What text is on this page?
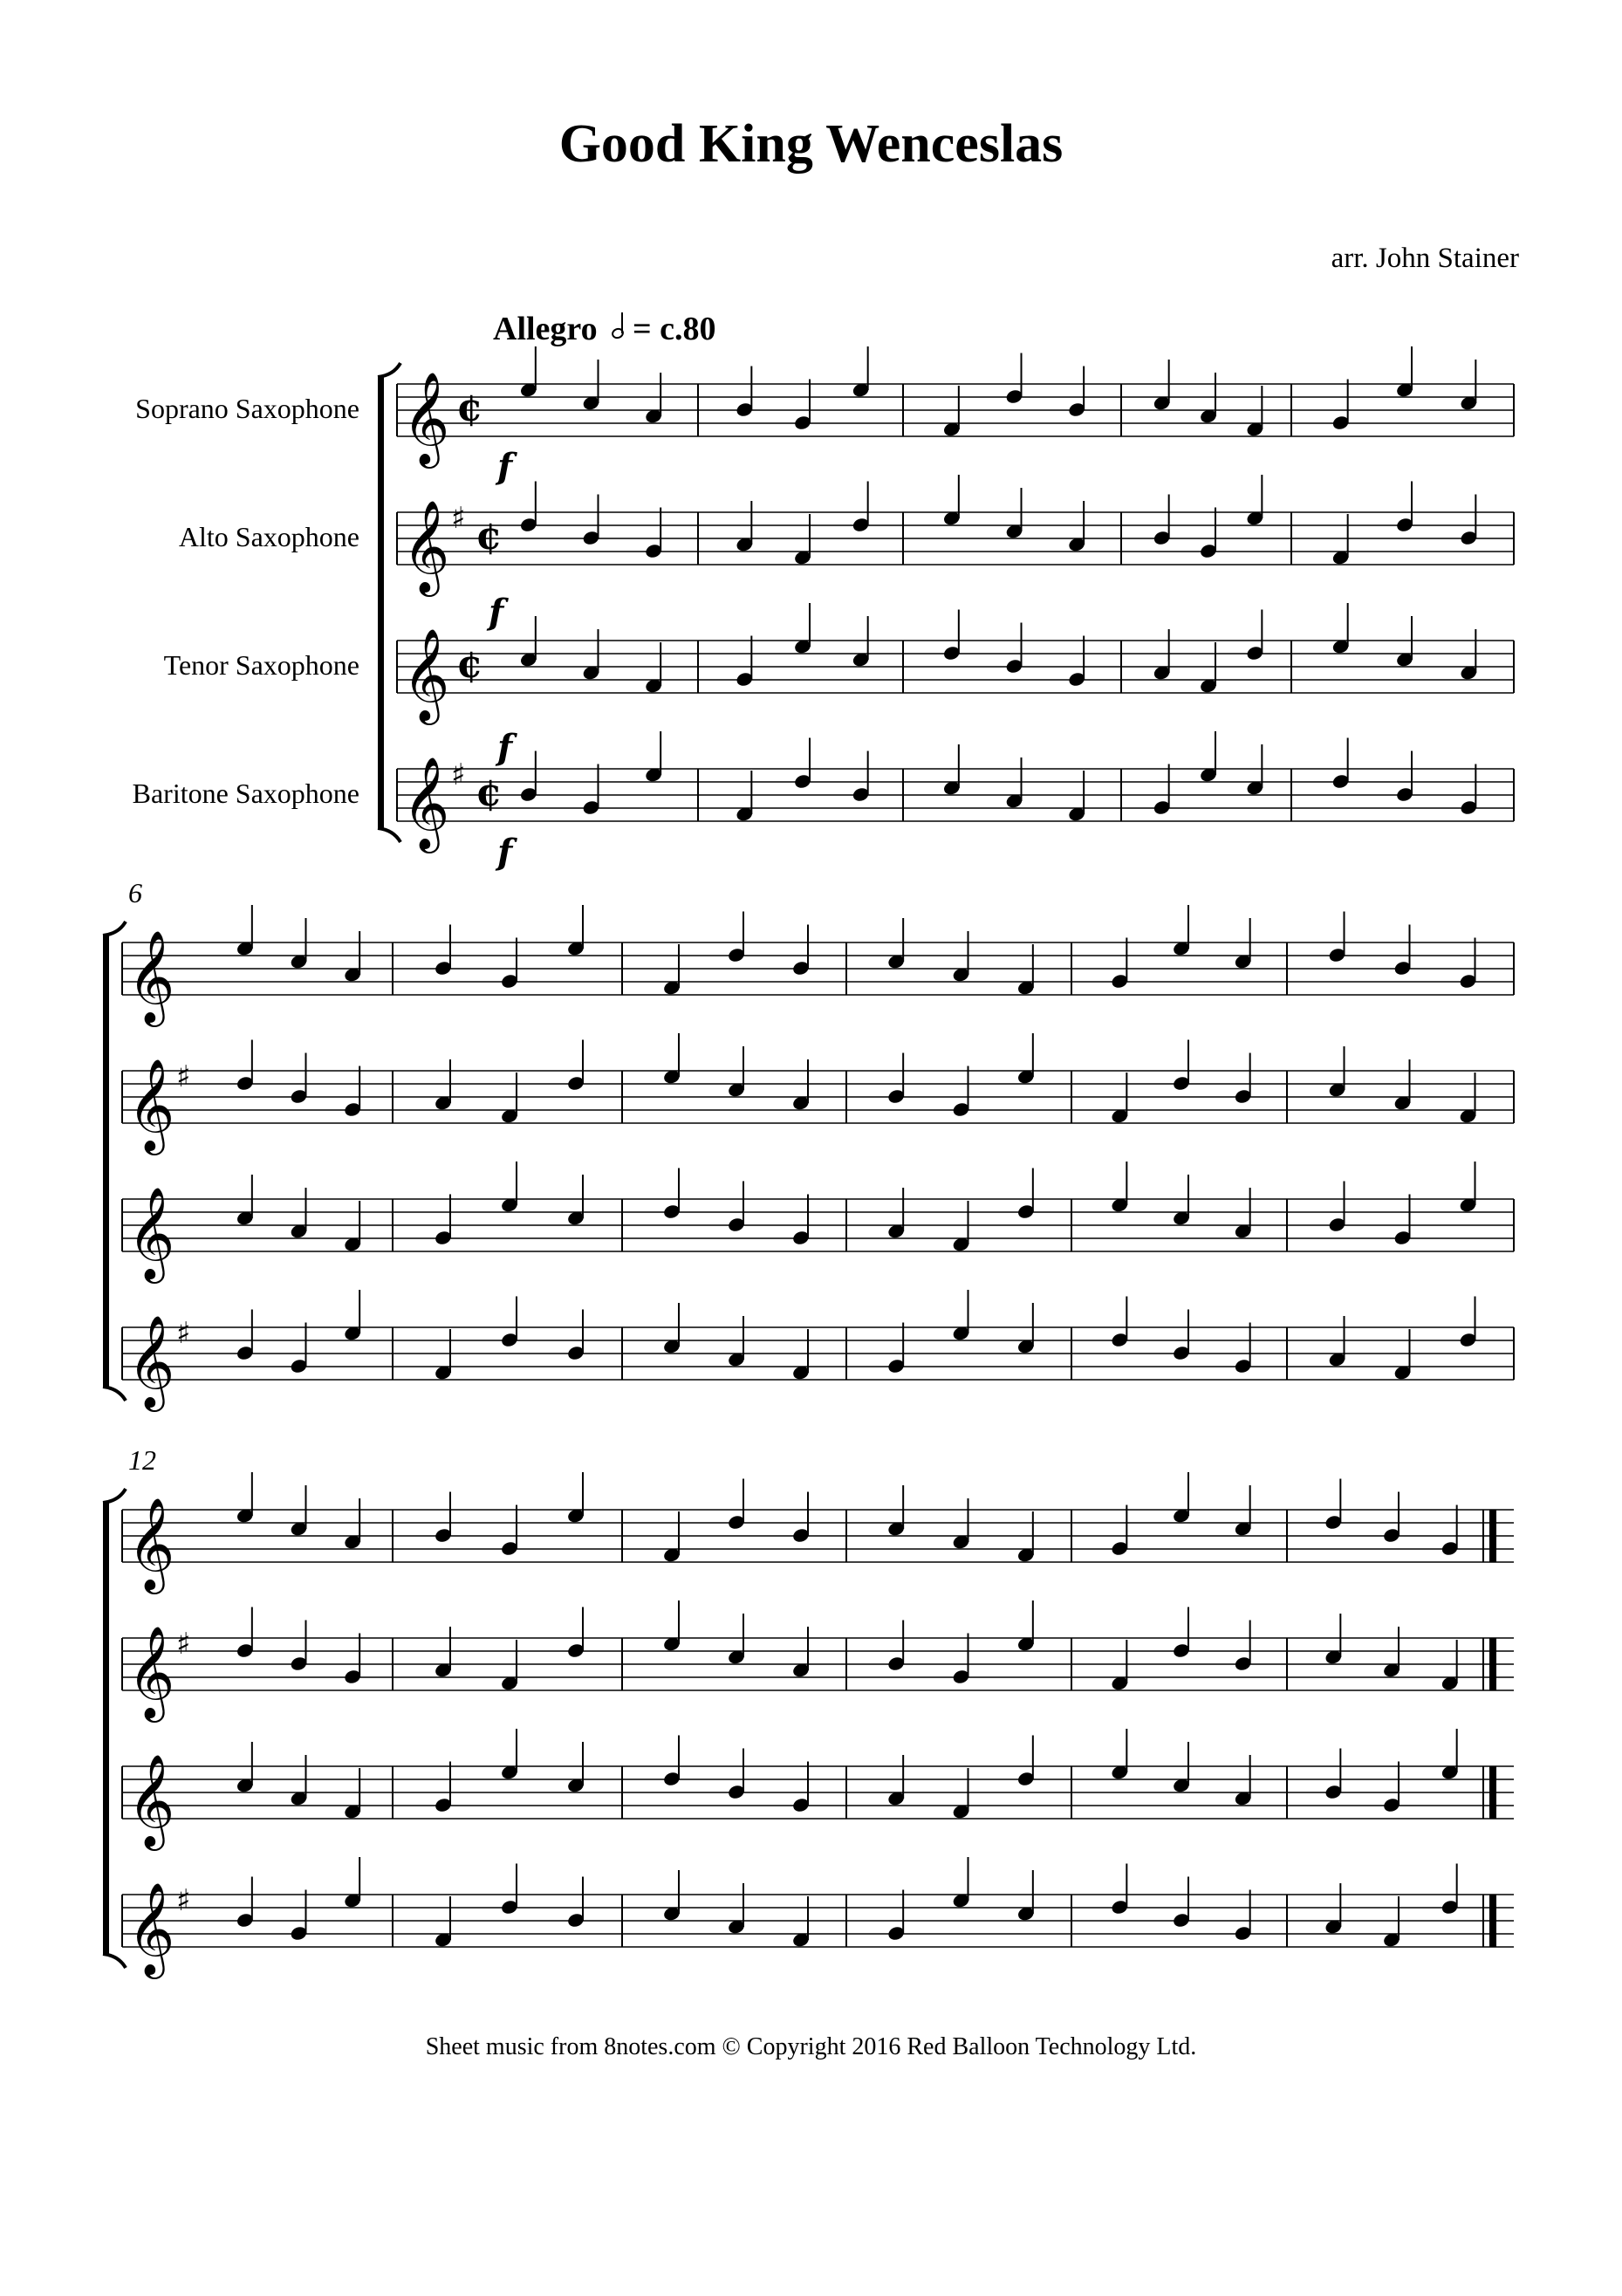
Good King Wenceslas
arr. John Stainer
Allegro = c.80
Soprano Saxophone
Alto Saxophone
Tenor Saxophone
Baritone Saxophone
6
12
𝄞 ¢
𝄞 ♯ ¢
𝄞 ¢
𝄞 ♯ ¢
𝄞
𝄞 ♯
𝄞
𝄞 ♯
𝄞
𝄞 ♯
𝄞
𝄞 ♯
f
f
f
f
Sheet music from 8notes.com © Copyright 2016 Red Balloon Technology Ltd.
